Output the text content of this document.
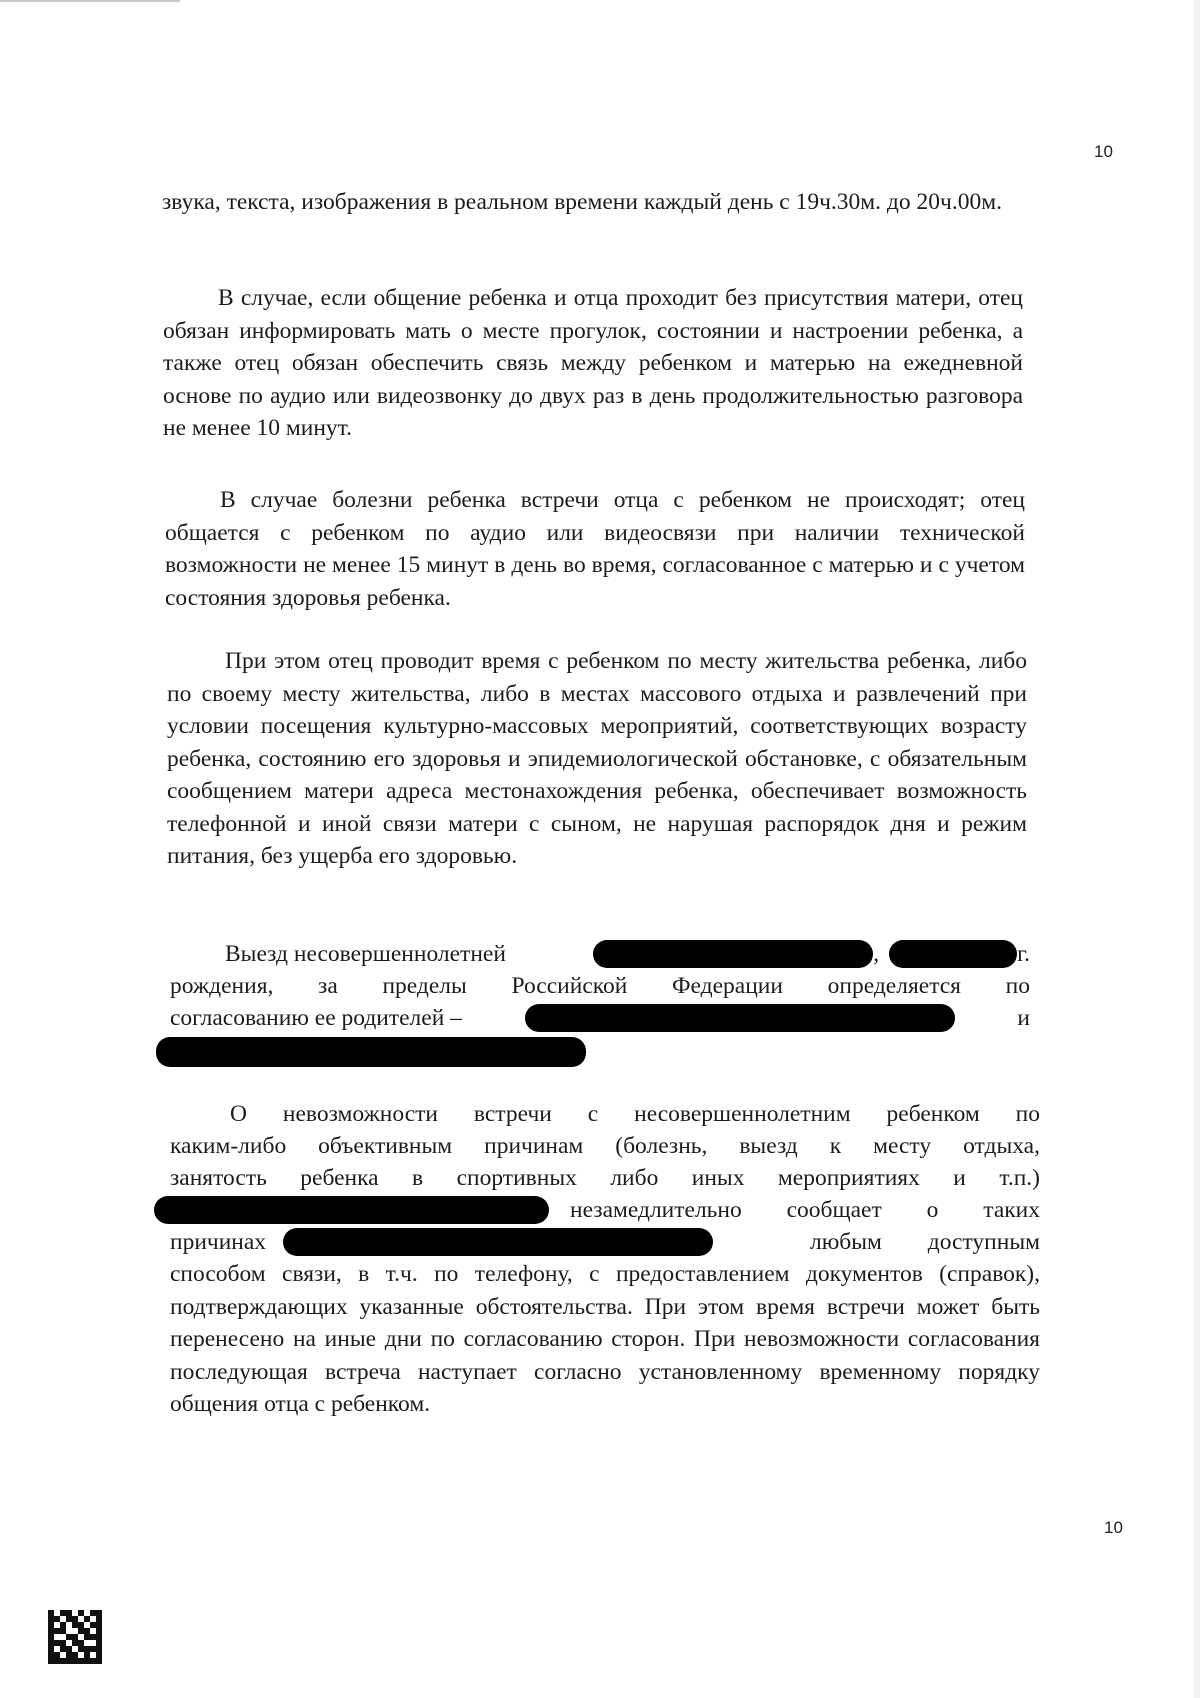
10

звука, текста, изображения в реальном времени каждый день с 19ч.30м. до 20ч.00м.

В случае, если общение ребенка и отца проходит без присутствия матери, отец обязан информировать мать о месте прогулок, состоянии и настроении ребенка, а также отец обязан обеспечить связь между ребенком и матерью на ежедневной основе по аудио или видеозвонку до двух раз в день продолжительностью разговора не менее 10 минут.

В случае болезни ребенка встречи отца с ребенком не происходят; отец общается с ребенком по аудио или видеосвязи при наличии технической возможности не менее 15 минут в день во время, согласованное с матерью и с учетом состояния здоровья ребенка.

При этом отец проводит время с ребенком по месту жительства ребенка, либо по своему месту жительства, либо в местах массового отдыха и развлечений при условии посещения культурно-массовых мероприятий, соответствующих возрасту ребенка, состоянию его здоровья и эпидемиологической обстановке, с обязательным сообщением матери адреса местонахождения ребенка, обеспечивает возможность телефонной и иной связи матери с сыном, не нарушая распорядок дня и режим питания, без ущерба его здоровью.

Выезд несовершеннолетней	,	г.
рождения, за пределы Российской Федерации определяется по
согласованию ее родителей –	и
О невозможности встречи с несовершеннолетним ребенком по
каким-либо объективным причинам (болезнь, выезд к месту отдыха,
занятость ребенка в спортивных либо иных мероприятиях и т.п.)
незамедлительно сообщает о таких
причинах	любым доступным

способом связи, в т.ч. по телефону, с предоставлением документов (справок), подтверждающих указанные обстоятельства. При этом время встречи может быть перенесено на иные дни по согласованию сторон. При невозможности согласования последующая встреча наступает согласно установленному временному порядку общения отца с ребенком.

10
